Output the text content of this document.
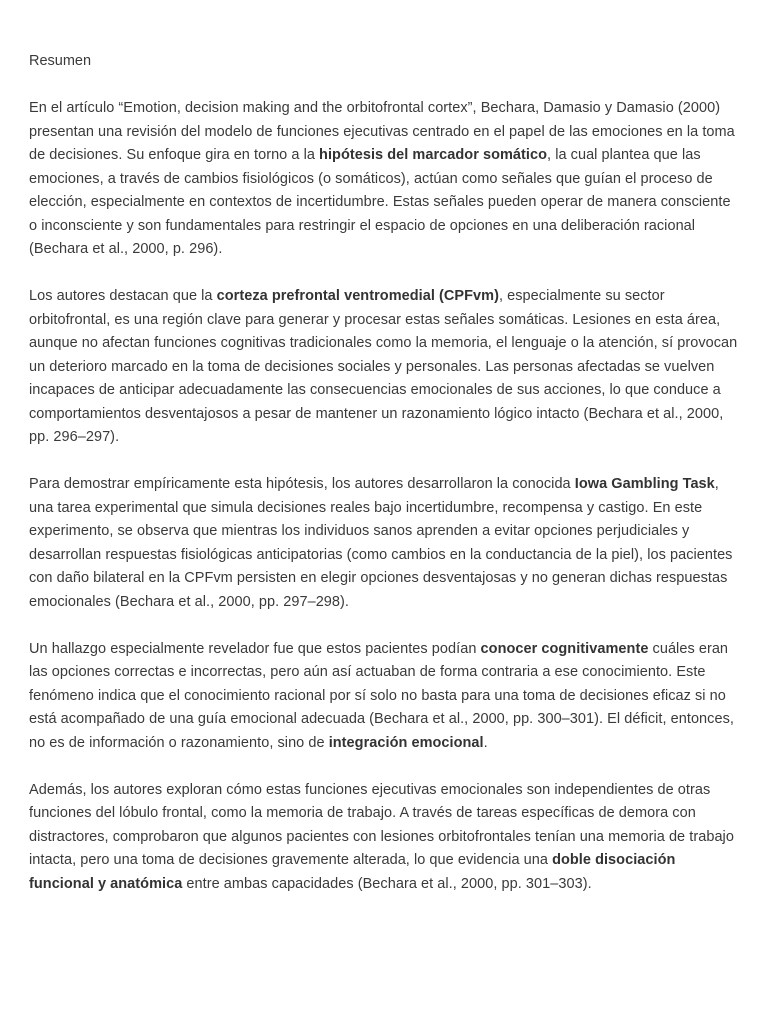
Resumen

En el artículo “Emotion, decision making and the orbitofrontal cortex”, Bechara, Damasio y Damasio (2000) presentan una revisión del modelo de funciones ejecutivas centrado en el papel de las emociones en la toma de decisiones. Su enfoque gira en torno a la hipótesis del marcador somático, la cual plantea que las emociones, a través de cambios fisiológicos (o somáticos), actúan como señales que guían el proceso de elección, especialmente en contextos de incertidumbre. Estas señales pueden operar de manera consciente o inconsciente y son fundamentales para restringir el espacio de opciones en una deliberación racional (Bechara et al., 2000, p. 296).

Los autores destacan que la corteza prefrontal ventromedial (CPFvm), especialmente su sector orbitofrontal, es una región clave para generar y procesar estas señales somáticas. Lesiones en esta área, aunque no afectan funciones cognitivas tradicionales como la memoria, el lenguaje o la atención, sí provocan un deterioro marcado en la toma de decisiones sociales y personales. Las personas afectadas se vuelven incapaces de anticipar adecuadamente las consecuencias emocionales de sus acciones, lo que conduce a comportamientos desventajosos a pesar de mantener un razonamiento lógico intacto (Bechara et al., 2000, pp. 296–297).

Para demostrar empíricamente esta hipótesis, los autores desarrollaron la conocida Iowa Gambling Task, una tarea experimental que simula decisiones reales bajo incertidumbre, recompensa y castigo. En este experimento, se observa que mientras los individuos sanos aprenden a evitar opciones perjudiciales y desarrollan respuestas fisiológicas anticipatorias (como cambios en la conductancia de la piel), los pacientes con daño bilateral en la CPFvm persisten en elegir opciones desventajosas y no generan dichas respuestas emocionales (Bechara et al., 2000, pp. 297–298).

Un hallazgo especialmente revelador fue que estos pacientes podían conocer cognitivamente cuáles eran las opciones correctas e incorrectas, pero aún así actuaban de forma contraria a ese conocimiento. Este fenómeno indica que el conocimiento racional por sí solo no basta para una toma de decisiones eficaz si no está acompañado de una guía emocional adecuada (Bechara et al., 2000, pp. 300–301). El déficit, entonces, no es de información o razonamiento, sino de integración emocional.

Además, los autores exploran cómo estas funciones ejecutivas emocionales son independientes de otras funciones del lóbulo frontal, como la memoria de trabajo. A través de tareas específicas de demora con distractores, comprobaron que algunos pacientes con lesiones orbitofrontales tenían una memoria de trabajo intacta, pero una toma de decisiones gravemente alterada, lo que evidencia una doble disociación funcional y anatómica entre ambas capacidades (Bechara et al., 2000, pp. 301–303).
